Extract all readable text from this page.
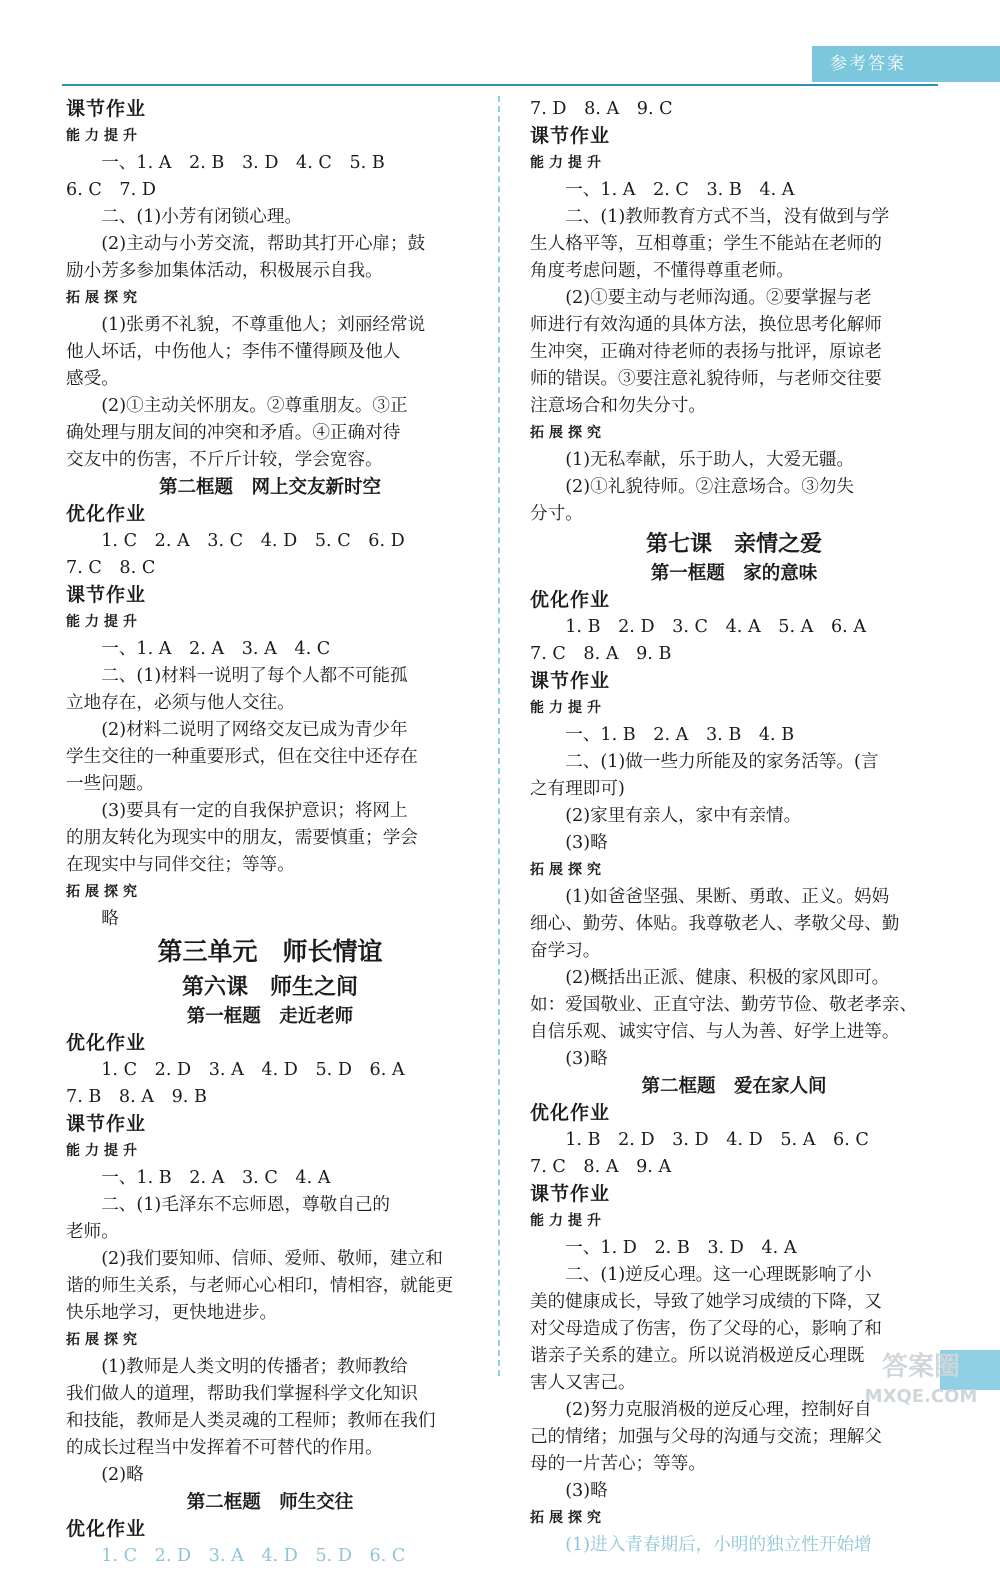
参考答案
课节作业
能力提升
一、1. A　2. B　3. D　4. C　5. B
6. C　7. D
二、(1)小芳有闭锁心理。
(2)主动与小芳交流，帮助其打开心扉；鼓
励小芳多参加集体活动，积极展示自我。
拓展探究
(1)张勇不礼貌，不尊重他人；刘丽经常说
他人坏话，中伤他人；李伟不懂得顾及他人
感受。
(2)①主动关怀朋友。②尊重朋友。③正
确处理与朋友间的冲突和矛盾。④正确对待
交友中的伤害，不斤斤计较，学会宽容。
第二框题　网上交友新时空
优化作业
1. C　2. A　3. C　4. D　5. C　6. D
7. C　8. C
课节作业
能力提升
一、1. A　2. A　3. A　4. C
二、(1)材料一说明了每个人都不可能孤
立地存在，必须与他人交往。
(2)材料二说明了网络交友已成为青少年
学生交往的一种重要形式，但在交往中还存在
一些问题。
(3)要具有一定的自我保护意识；将网上
的朋友转化为现实中的朋友，需要慎重；学会
在现实中与同伴交往；等等。
拓展探究
略
第三单元　师长情谊
第六课　师生之间
第一框题　走近老师
优化作业
1. C　2. D　3. A　4. D　5. D　6. A
7. B　8. A　9. B
课节作业
能力提升
一、1. B　2. A　3. C　4. A
二、(1)毛泽东不忘师恩，尊敬自己的
老师。
(2)我们要知师、信师、爱师、敬师，建立和
谐的师生关系，与老师心心相印，情相容，就能更
快乐地学习，更快地进步。
拓展探究
(1)教师是人类文明的传播者；教师教给
我们做人的道理，帮助我们掌握科学文化知识
和技能，教师是人类灵魂的工程师；教师在我们
的成长过程当中发挥着不可替代的作用。
(2)略
第二框题　师生交往
优化作业
1. C　2. D　3. A　4. D　5. D　6. C
7. D　8. A　9. C
课节作业
能力提升
一、1. A　2. C　3. B　4. A
二、(1)教师教育方式不当，没有做到与学
生人格平等，互相尊重；学生不能站在老师的
角度考虑问题，不懂得尊重老师。
(2)①要主动与老师沟通。②要掌握与老
师进行有效沟通的具体方法，换位思考化解师
生冲突，正确对待老师的表扬与批评，原谅老
师的错误。③要注意礼貌待师，与老师交往要
注意场合和勿失分寸。
拓展探究
(1)无私奉献，乐于助人，大爱无疆。
(2)①礼貌待师。②注意场合。③勿失
分寸。
第七课　亲情之爱
第一框题　家的意味
优化作业
1. B　2. D　3. C　4. A　5. A　6. A
7. C　8. A　9. B
课节作业
能力提升
一、1. B　2. A　3. B　4. B
二、(1)做一些力所能及的家务活等。(言
之有理即可)
(2)家里有亲人，家中有亲情。
(3)略
拓展探究
(1)如爸爸坚强、果断、勇敢、正义。妈妈
细心、勤劳、体贴。我尊敬老人、孝敬父母、勤
奋学习。
(2)概括出正派、健康、积极的家风即可。
如：爱国敬业、正直守法、勤劳节俭、敬老孝亲、
自信乐观、诚实守信、与人为善、好学上进等。
(3)略
第二框题　爱在家人间
优化作业
1. B　2. D　3. D　4. D　5. A　6. C
7. C　8. A　9. A
课节作业
能力提升
一、1. D　2. B　3. D　4. A
二、(1)逆反心理。这一心理既影响了小
美的健康成长，导致了她学习成绩的下降，又
对父母造成了伤害，伤了父母的心，影响了和
谐亲子关系的建立。所以说消极逆反心理既
害人又害己。
(2)努力克服消极的逆反心理，控制好自
己的情绪；加强与父母的沟通与交流；理解父
母的一片苦心；等等。
(3)略
拓展探究
(1)进入青春期后，小明的独立性开始增
答案圈
MXQE.COM
